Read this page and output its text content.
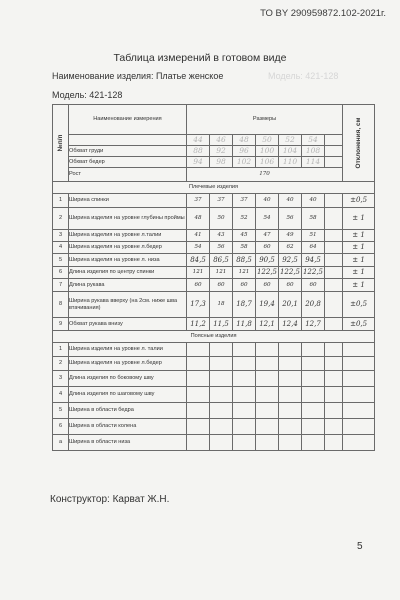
ТО BY 290959872.102-2021г.
Таблица измерений в готовом виде
Наименование изделия: Платье женское	Модель: 421-128
Модель: 421-128
№п/п	Наименование измерения	Размеры							Отклонения, см

		44	46	48	50	52	54		
	Обхват груди	88	92	96	100	104	108		
	Обхват бедер	94	98	102	106	110	114		
	Рост	170							
Плечевые изделия									
1	Ширина спинки	37	37	37	40	40	40		±0,5
2	Ширина изделия на уровне глубины проймы	48	50	52	54	56	58		± 1
3	Ширина изделия на уровне л.талии	41	43	45	47	49	51		± 1
4	Ширина изделия на уровне л.бедер	54	56	58	60	62	64		± 1
5	Ширина изделия на уровне л. низа	84,5	86,5	88,5	90,5	92,5	94,5		± 1
6	Длина изделия по центру спинки	121	121	121	122,5	122,5	122,5		± 1
7	Длина рукава	60	60	60	60	60	60		± 1
8	Ширина рукава вверху (на 2см. ниже шва втачивания)	17,3	18	18,7	19,4	20,1	20,8		±0,5
9	Обхват рукава внизу	11,2	11,5	11,8	12,1	12,4	12,7		±0,5
Поясные изделия									
1	Ширина изделия на уровне л. талии								
2	Ширина изделия на уровне л.бедер								
3	Длина изделия по боковому шву								
4	Длина изделия по шаговому шву								
5	Ширина в области бедра								
6	Ширина в области колена								
а	Ширина в области низа								
Конструктор: Карват Ж.Н.
5
